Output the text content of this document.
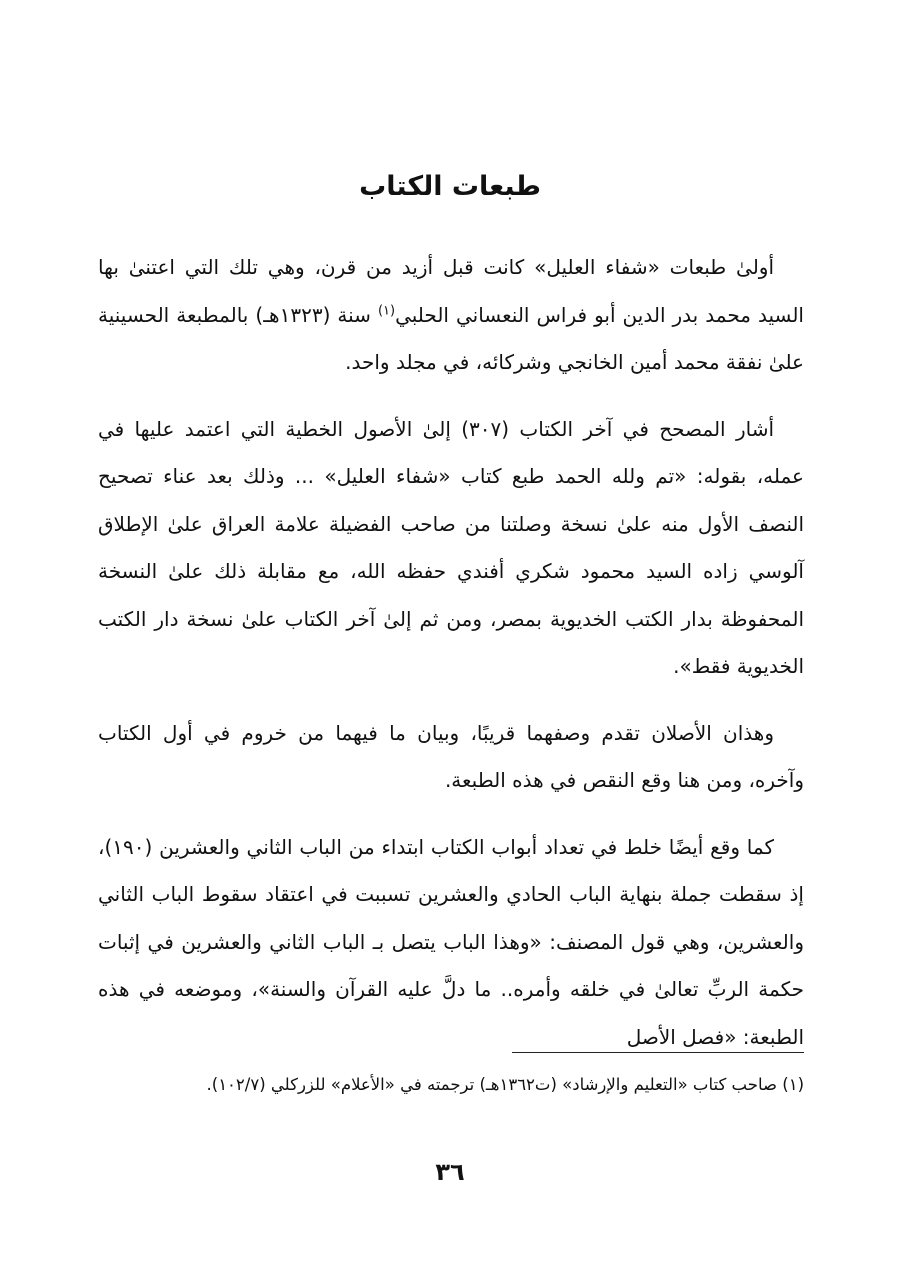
طبعات الكتاب

أولىٰ طبعات «شفاء العليل» كانت قبل أزيد من قرن، وهي تلك التي اعتنىٰ بها السيد محمد بدر الدين أبو فراس النعساني الحلبي$^{(١)}$ سنة (١٣٢٣هـ) بالمطبعة الحسينية علىٰ نفقة محمد أمين الخانجي وشركائه، في مجلد واحد.

أشار المصحح في آخر الكتاب (٣٠٧) إلىٰ الأصول الخطية التي اعتمد عليها في عمله، بقوله: «تم ولله الحمد طبع كتاب «شفاء العليل» ... وذلك بعد عناء تصحيح النصف الأول منه علىٰ نسخة وصلتنا من صاحب الفضيلة علامة العراق علىٰ الإطلاق آلوسي زاده السيد محمود شكري أفندي حفظه الله، مع مقابلة ذلك علىٰ النسخة المحفوظة بدار الكتب الخديوية بمصر، ومن ثم إلىٰ آخر الكتاب علىٰ نسخة دار الكتب الخديوية فقط».

وهذان الأصلان تقدم وصفهما قريبًا، وبيان ما فيهما من خروم في أول الكتاب وآخره، ومن هنا وقع النقص في هذه الطبعة.

كما وقع أيضًا خلط في تعداد أبواب الكتاب ابتداء من الباب الثاني والعشرين (١٩٠)، إذ سقطت جملة بنهاية الباب الحادي والعشرين تسببت في اعتقاد سقوط الباب الثاني والعشرين، وهي قول المصنف: «وهذا الباب يتصل بـ الباب الثاني والعشرين في إثبات حكمة الربِّ تعالىٰ في خلقه وأمره.. ما دلَّ عليه القرآن والسنة»، وموضعه في هذه الطبعة: «فصل الأصل

(١) صاحب كتاب «التعليم والإرشاد» (ت١٣٦٢هـ) ترجمته في «الأعلام» للزركلي (١٠٢/٧).

٣٦
